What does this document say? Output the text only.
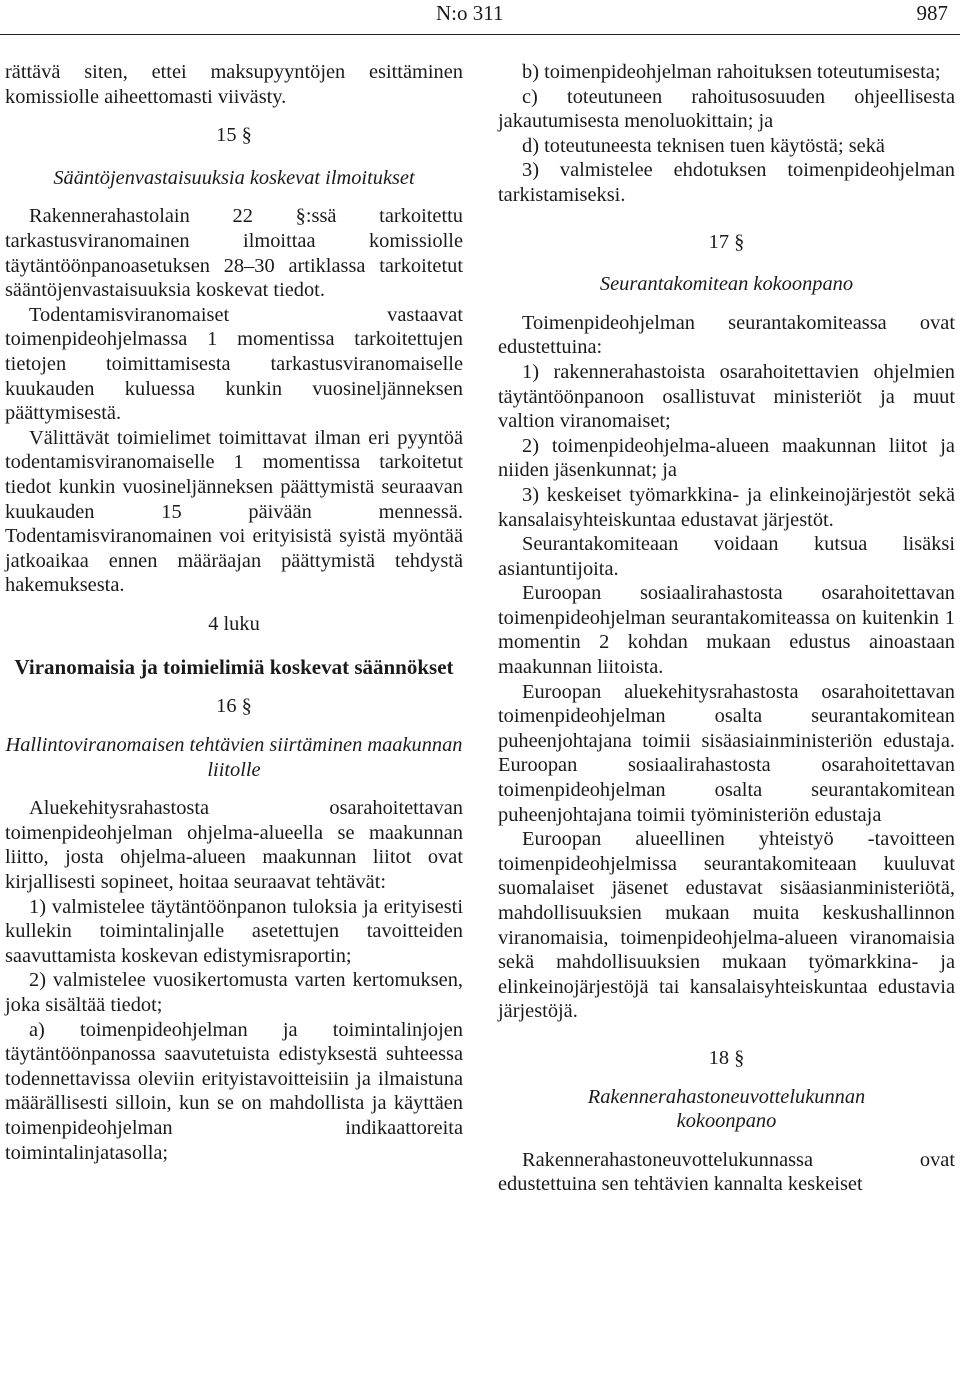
N:o 311	987

rättävä siten, ettei maksupyyntöjen esittäminen komissiolle aiheettomasti viivästy.

15 §

Sääntöjenvastaisuuksia koskevat ilmoitukset

Rakennerahastolain 22 §:ssä tarkoitettu tarkastusviranomainen ilmoittaa komissiolle täytäntöönpanoasetuksen 28–30 artiklassa tarkoitetut sääntöjenvastaisuuksia koskevat tiedot.

Todentamisviranomaiset vastaavat toimenpideohjelmassa 1 momentissa tarkoitettujen tietojen toimittamisesta tarkastusviranomaiselle kuukauden kuluessa kunkin vuosineljänneksen päättymisestä.

Välittävät toimielimet toimittavat ilman eri pyyntöä todentamisviranomaiselle 1 momentissa tarkoitetut tiedot kunkin vuosineljänneksen päättymistä seuraavan kuukauden 15 päivään mennessä. Todentamisviranomainen voi erityisistä syistä myöntää jatkoaikaa ennen määräajan päättymistä tehdystä hakemuksesta.

4 luku

Viranomaisia ja toimielimiä koskevat säännökset

16 §

Hallintoviranomaisen tehtävien siirtäminen maakunnan liitolle

Aluekehitysrahastosta osarahoitettavan toimenpideohjelman ohjelma-alueella se maakunnan liitto, josta ohjelma-alueen maakunnan liitot ovat kirjallisesti sopineet, hoitaa seuraavat tehtävät:

1) valmistelee täytäntöönpanon tuloksia ja erityisesti kullekin toimintalinjalle asetettujen tavoitteiden saavuttamista koskevan edistymisraportin;

2) valmistelee vuosikertomusta varten kertomuksen, joka sisältää tiedot;

a) toimenpideohjelman ja toimintalinjojen täytäntöönpanossa saavutetuista edistyksestä suhteessa todennettavissa oleviin erityistavoitteisiin ja ilmaistuna määrällisesti silloin, kun se on mahdollista ja käyttäen toimenpideohjelman indikaattoreita toimintalinjatasolla;

b) toimenpideohjelman rahoituksen toteutumisesta;

c) toteutuneen rahoitusosuuden ohjeellisesta jakautumisesta menoluokittain; ja

d) toteutuneesta teknisen tuen käytöstä; sekä

3) valmistelee ehdotuksen toimenpideohjelman tarkistamiseksi.

17 §

Seurantakomitean kokoonpano

Toimenpideohjelman seurantakomiteassa ovat edustettuina:

1) rakennerahastoista osarahoitettavien ohjelmien täytäntöönpanoon osallistuvat ministeriöt ja muut valtion viranomaiset;

2) toimenpideohjelma-alueen maakunnan liitot ja niiden jäsenkunnat; ja

3) keskeiset työmarkkina- ja elinkeinojärjestöt sekä kansalaisyhteiskuntaa edustavat järjestöt.

Seurantakomiteaan voidaan kutsua lisäksi asiantuntijoita.

Euroopan sosiaalirahastosta osarahoitettavan toimenpideohjelman seurantakomiteassa on kuitenkin 1 momentin 2 kohdan mukaan edustus ainoastaan maakunnan liitoista.

Euroopan aluekehitysrahastosta osarahoitettavan toimenpideohjelman osalta seurantakomitean puheenjohtajana toimii sisäasiainministeriön edustaja. Euroopan sosiaalirahastosta osarahoitettavan toimenpideohjelman osalta seurantakomitean puheenjohtajana toimii työministeriön edustaja

Euroopan alueellinen yhteistyö -tavoitteen toimenpideohjelmissa seurantakomiteaan kuuluvat suomalaiset jäsenet edustavat sisäasianministeriötä, mahdollisuuksien mukaan muita keskushallinnon viranomaisia, toimenpideohjelma-alueen viranomaisia sekä mahdollisuuksien mukaan työmarkkina- ja elinkeinojärjestöjä tai kansalaisyhteiskuntaa edustavia järjestöjä.

18 §

Rakennerahastoneuvottelukunnan kokoonpano

Rakennerahastoneuvottelukunnassa ovat edustettuina sen tehtävien kannalta keskeiset
